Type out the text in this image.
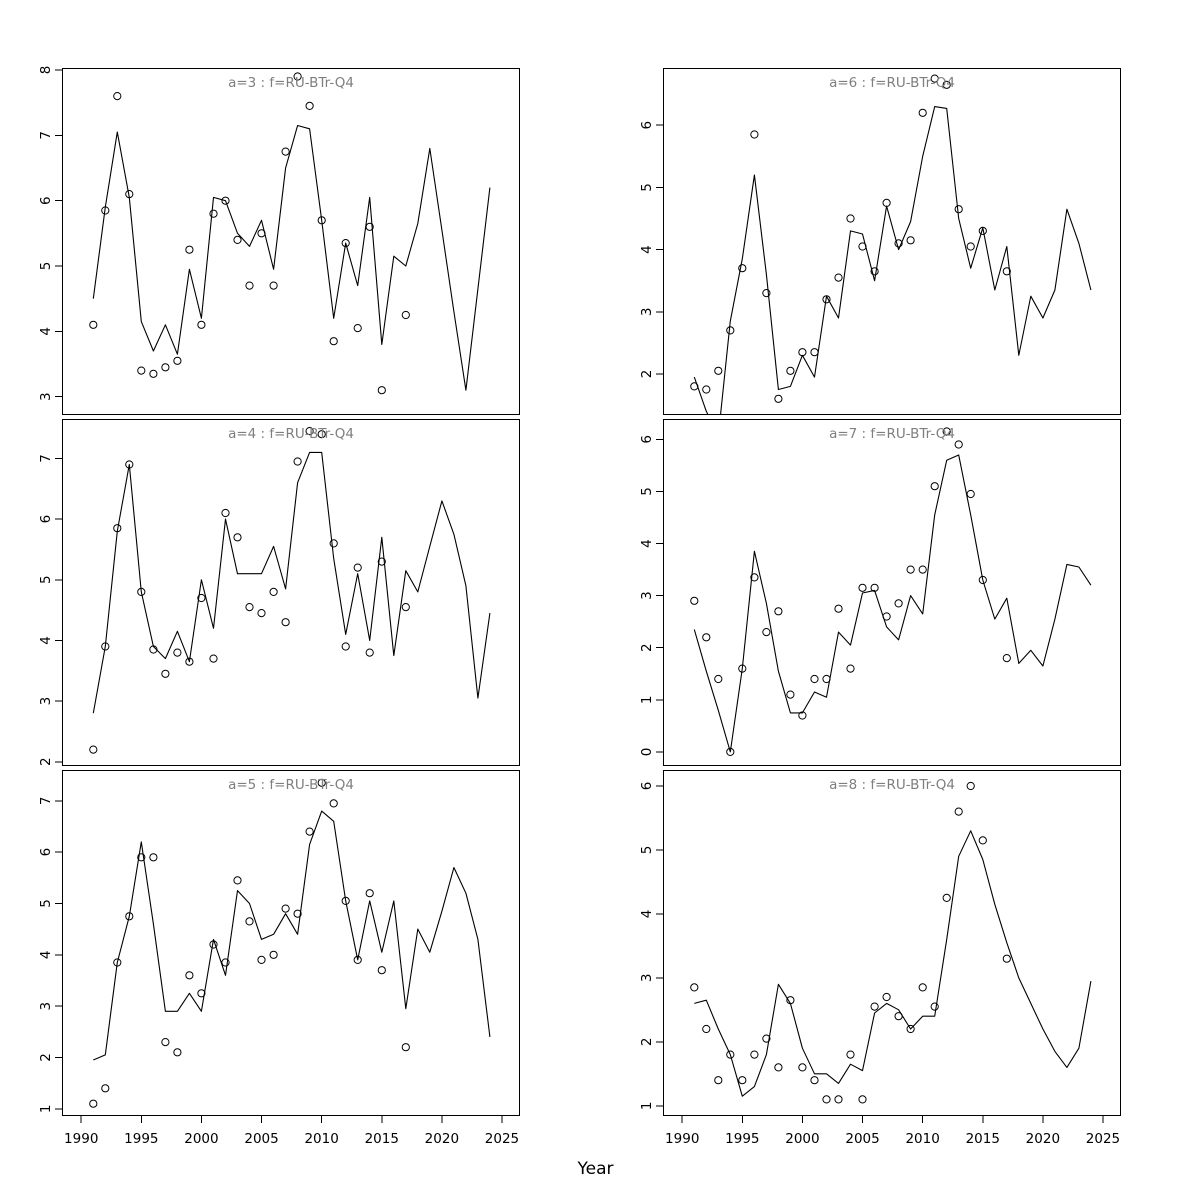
3
4
5
6
7
8
a=3 : f=RU-BTr-Q4
2
3
4
5
6
a=6 : f=RU-BTr-Q4
2
3
4
5
6
7
a=4 : f=RU-BTr-Q4
0
1
2
3
4
5
6	a=7 : f=RU-BTr-Q4
1
2
3
4
5
6
7
1990 1995 2000 2005 2010 2015 2020 2025
a=5 : f=RU-BTr-Q4
1
2
3
4
5
6
1990 1995 2000 2005 2010 2015 2020 2025
a=8 : f=RU-BTr-Q4
Year
